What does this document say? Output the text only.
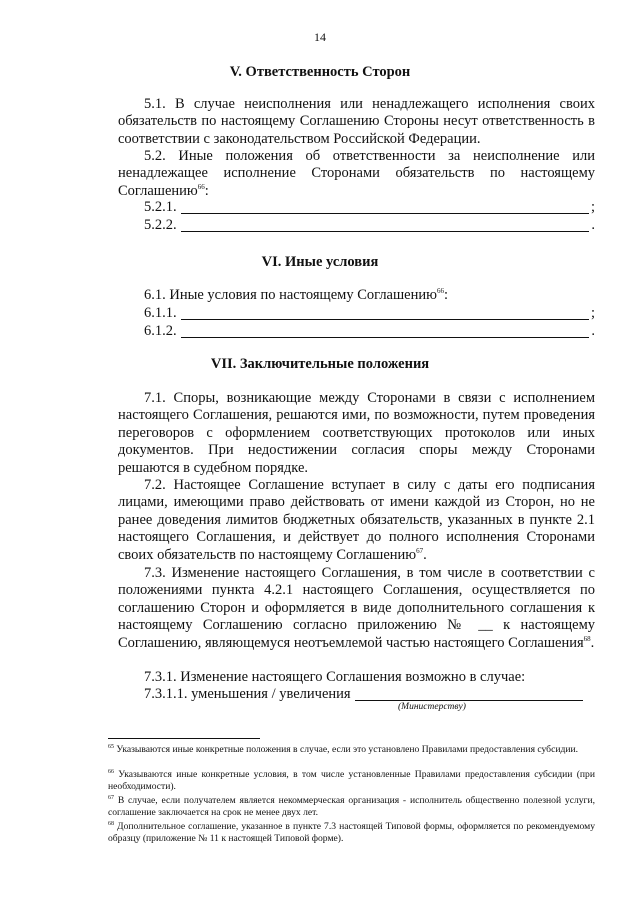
14
V. Ответственность Сторон

5.1. В случае неисполнения или ненадлежащего исполнения своих обязательств по настоящему Соглашению Стороны несут ответственность в соответствии с законодательством Российской Федерации.

5.2. Иные положения об ответственности за неисполнение или ненадлежащее исполнение Сторонами обязательств по настоящему Соглашению$^{66}$:

5.2.1.	;
5.2.2.	.
VI. Иные условия

6.1. Иные условия по настоящему Соглашению$^{66}$:

6.1.1.	;
6.1.2.	.
VII. Заключительные положения

7.1. Споры, возникающие между Сторонами в связи с исполнением настоящего Соглашения, решаются ими, по возможности, путем проведения переговоров с оформлением соответствующих протоколов или иных документов. При недостижении согласия споры между Сторонами решаются в судебном порядке.

7.2. Настоящее Соглашение вступает в силу с даты его подписания лицами, имеющими право действовать от имени каждой из Сторон, но не ранее доведения лимитов бюджетных обязательств, указанных в пункте 2.1 настоящего Соглашения, и действует до полного исполнения Сторонами своих обязательств по настоящему Соглашению$^{67}$.

7.3. Изменение настоящего Соглашения, в том числе в соответствии с положениями пункта 4.2.1 настоящего Соглашения, осуществляется по соглашению Сторон и оформляется в виде дополнительного соглашения к настоящему Соглашению согласно приложению № __ к настоящему Соглашению, являющемуся неотъемлемой частью настоящего Соглашения$^{68}$.

7.3.1. Изменение настоящего Соглашения возможно в случае:

7.3.1.1. уменьшения / увеличения
(Министерству)
$^{65}$ Указываются иные конкретные положения в случае, если это установлено Правилами предоставления субсидии.
$^{66}$ Указываются иные конкретные условия, в том числе установленные Правилами предоставления субсидии (при необходимости).
$^{67}$ В случае, если получателем является некоммерческая организация - исполнитель общественно полезной услуги, соглашение заключается на срок не менее двух лет.
$^{68}$ Дополнительное соглашение, указанное в пункте 7.3 настоящей Типовой формы, оформляется по рекомендуемому образцу (приложение № 11 к настоящей Типовой форме).
